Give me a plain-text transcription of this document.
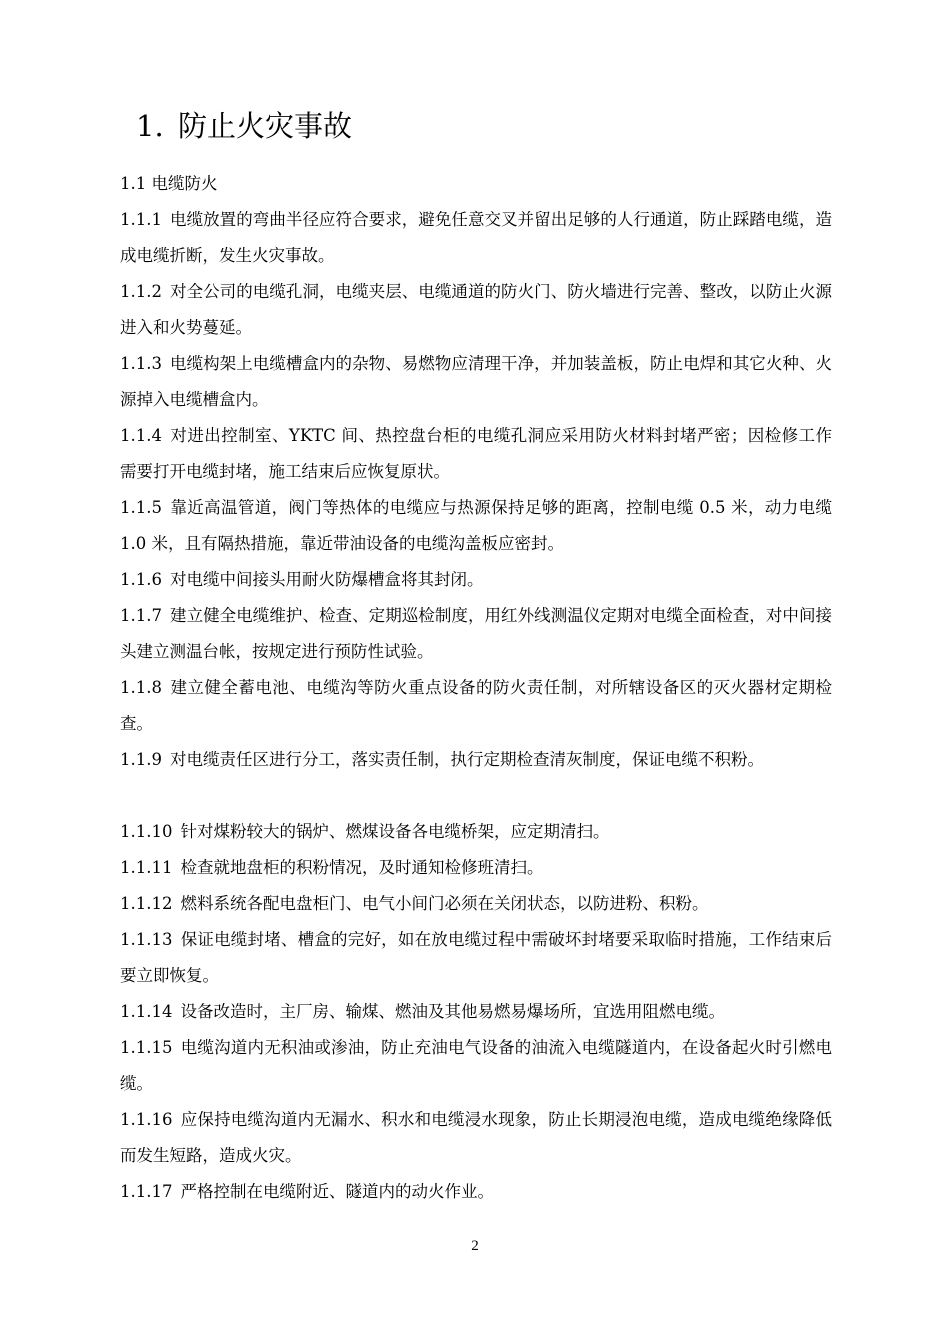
1. 防止火灾事故

1.1 电缆防火

1.1.1 电缆放置的弯曲半径应符合要求，避免任意交叉并留出足够的人行通道，防止踩踏电缆，造成电缆折断，发生火灾事故。

1.1.2 对全公司的电缆孔洞，电缆夹层、电缆通道的防火门、防火墙进行完善、整改，以防止火源进入和火势蔓延。

1.1.3 电缆构架上电缆槽盒内的杂物、易燃物应清理干净，并加装盖板，防止电焊和其它火种、火源掉入电缆槽盒内。

1.1.4 对进出控制室、YKTC 间、热控盘台柜的电缆孔洞应采用防火材料封堵严密；因检修工作需要打开电缆封堵，施工结束后应恢复原状。

1.1.5 靠近高温管道，阀门等热体的电缆应与热源保持足够的距离，控制电缆 0.5 米，动力电缆 1.0 米，且有隔热措施，靠近带油设备的电缆沟盖板应密封。

1.1.6 对电缆中间接头用耐火防爆槽盒将其封闭。

1.1.7 建立健全电缆维护、检查、定期巡检制度，用红外线测温仪定期对电缆全面检查，对中间接头建立测温台帐，按规定进行预防性试验。

1.1.8 建立健全蓄电池、电缆沟等防火重点设备的防火责任制，对所辖设备区的灭火器材定期检查。

1.1.9 对电缆责任区进行分工，落实责任制，执行定期检查清灰制度，保证电缆不积粉。

1.1.10 针对煤粉较大的锅炉、燃煤设备各电缆桥架，应定期清扫。

1.1.11 检查就地盘柜的积粉情况，及时通知检修班清扫。

1.1.12 燃料系统各配电盘柜门、电气小间门必须在关闭状态，以防进粉、积粉。

1.1.13 保证电缆封堵、槽盒的完好，如在放电缆过程中需破坏封堵要采取临时措施，工作结束后要立即恢复。

1.1.14 设备改造时，主厂房、输煤、燃油及其他易燃易爆场所，宜选用阻燃电缆。

1.1.15 电缆沟道内无积油或渗油，防止充油电气设备的油流入电缆隧道内，在设备起火时引燃电缆。

1.1.16 应保持电缆沟道内无漏水、积水和电缆浸水现象，防止长期浸泡电缆，造成电缆绝缘降低而发生短路，造成火灾。

1.1.17 严格控制在电缆附近、隧道内的动火作业。

2
